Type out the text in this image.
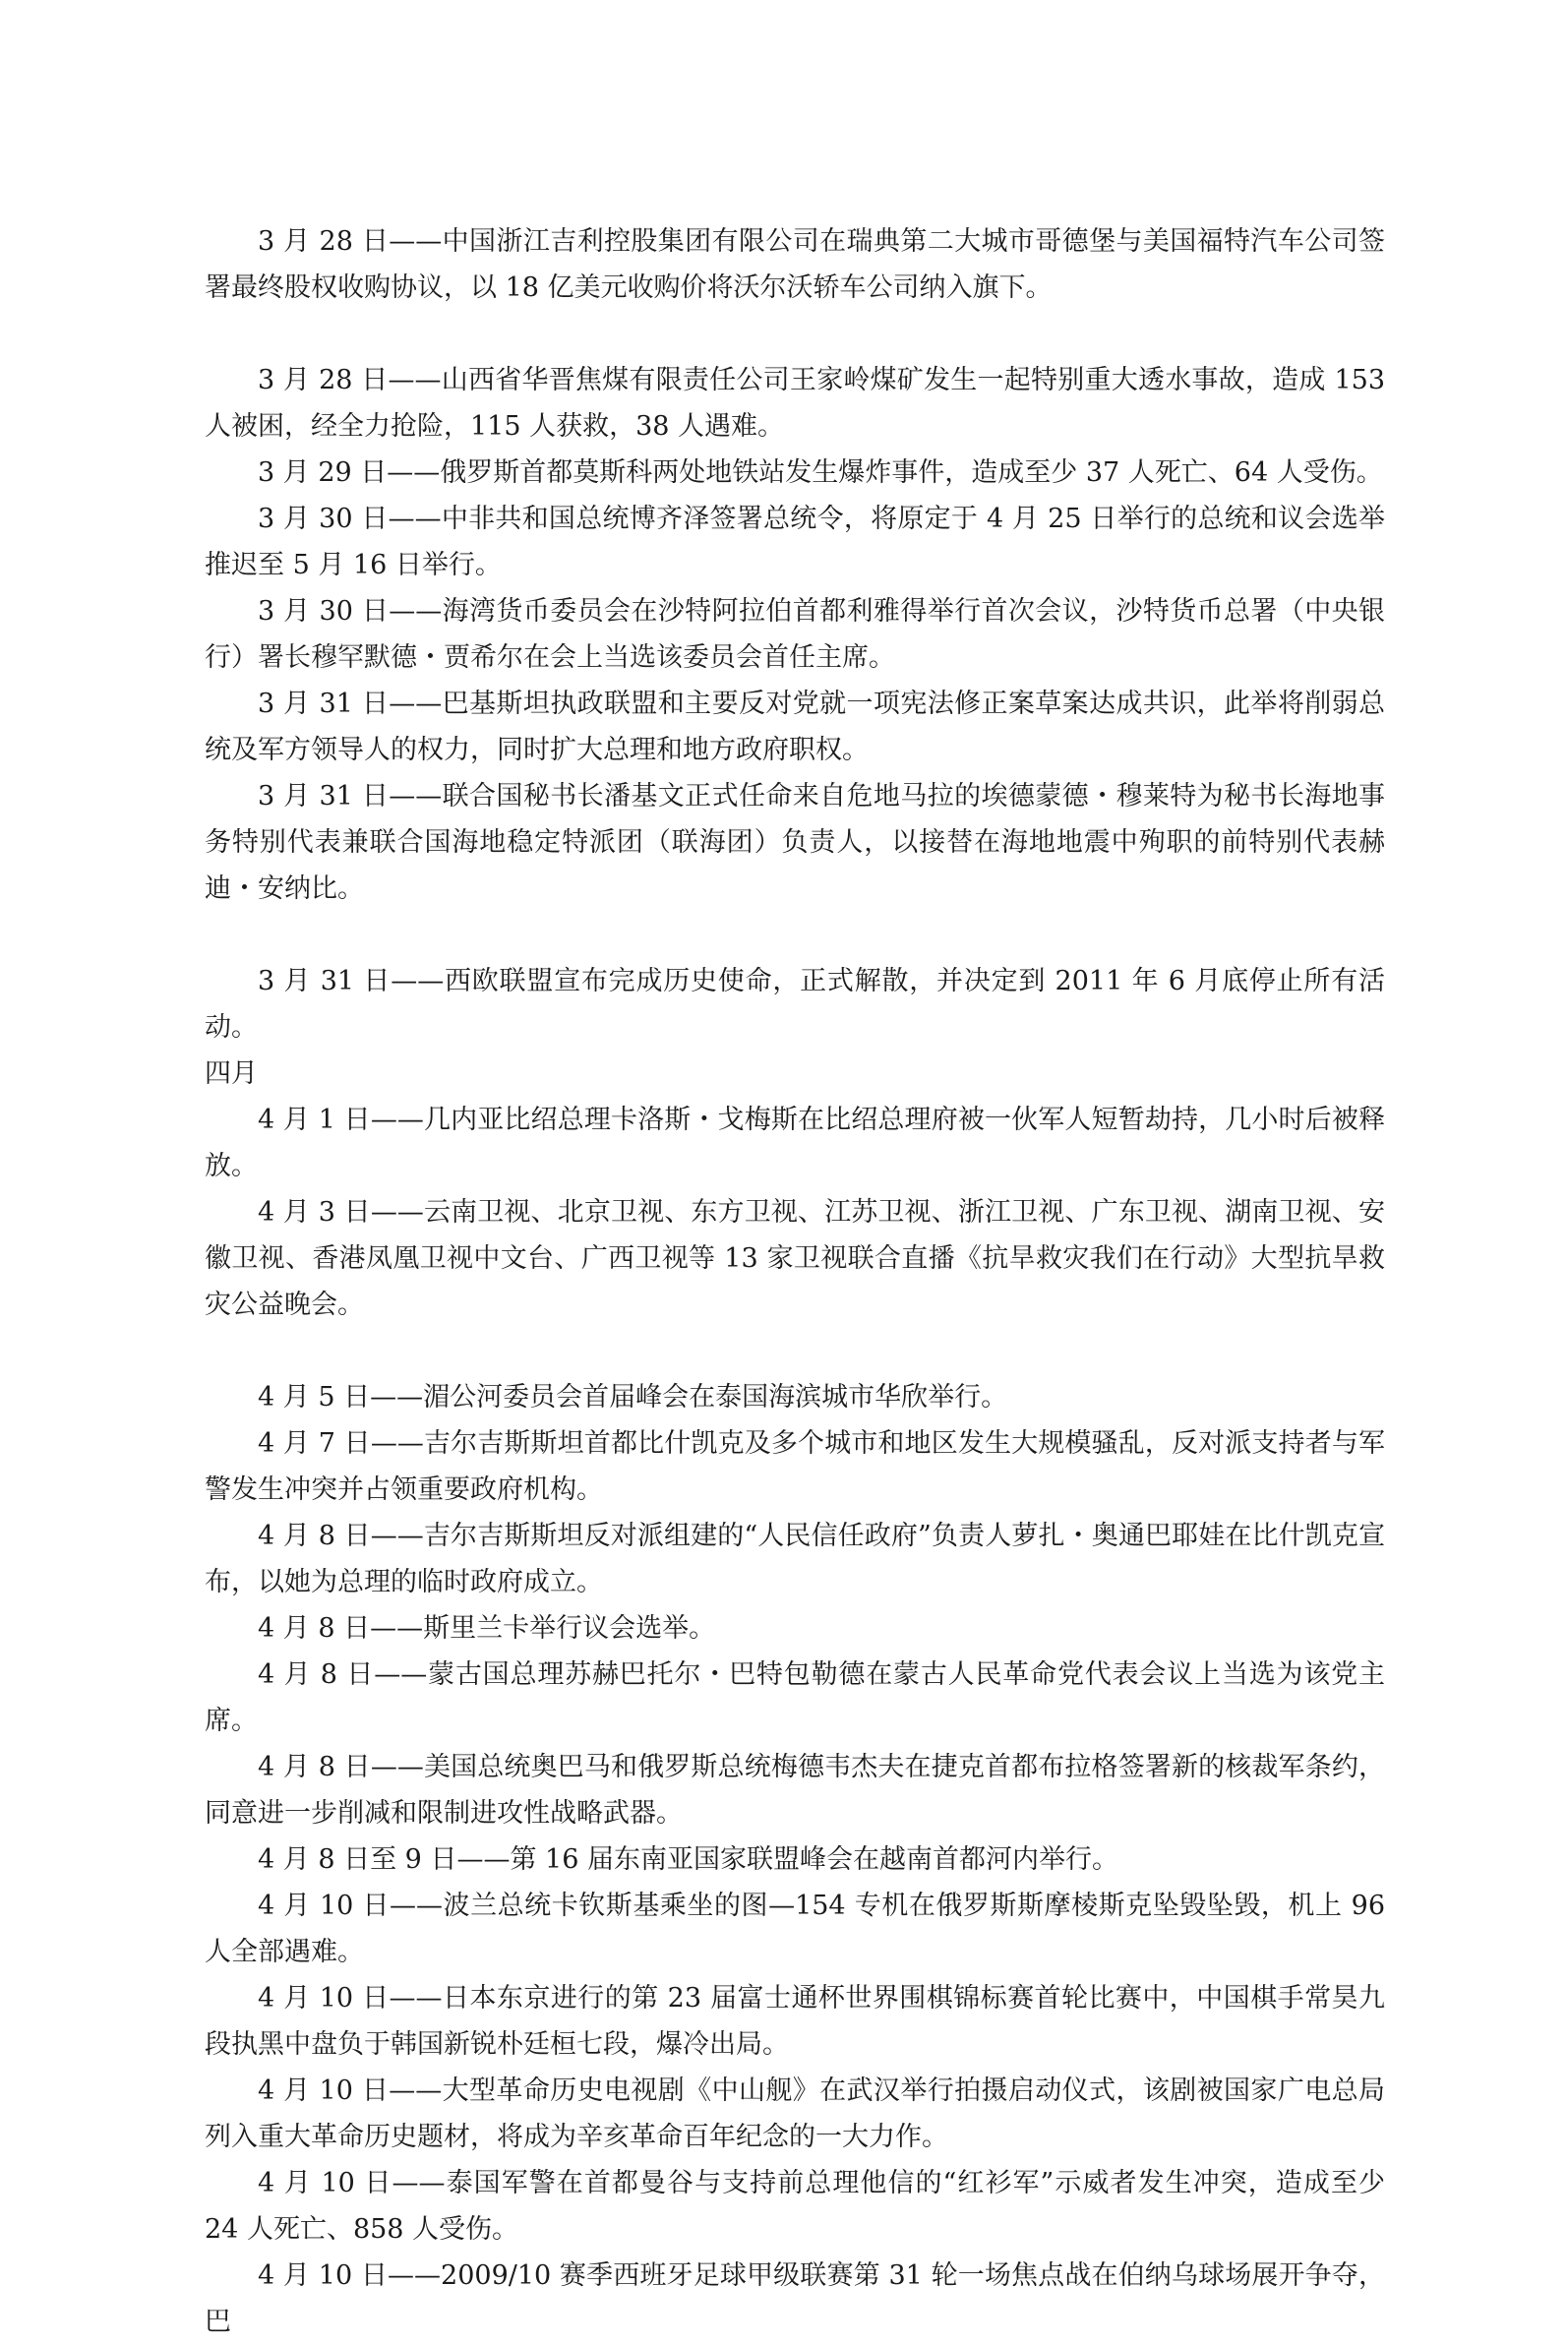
3 月 28 日——中国浙江吉利控股集团有限公司在瑞典第二大城市哥德堡与美国福特汽车公司签署最终股权收购协议，以 18 亿美元收购价将沃尔沃轿车公司纳入旗下。

3 月 28 日——山西省华晋焦煤有限责任公司王家岭煤矿发生一起特别重大透水事故，造成 153 人被困，经全力抢险，115 人获救，38 人遇难。

3 月 29 日——俄罗斯首都莫斯科两处地铁站发生爆炸事件，造成至少 37 人死亡、64 人受伤。

3 月 30 日——中非共和国总统博齐泽签署总统令，将原定于 4 月 25 日举行的总统和议会选举推迟至 5 月 16 日举行。

3 月 30 日——海湾货币委员会在沙特阿拉伯首都利雅得举行首次会议，沙特货币总署（中央银行）署长穆罕默德・贾希尔在会上当选该委员会首任主席。

3 月 31 日——巴基斯坦执政联盟和主要反对党就一项宪法修正案草案达成共识，此举将削弱总统及军方领导人的权力，同时扩大总理和地方政府职权。

3 月 31 日——联合国秘书长潘基文正式任命来自危地马拉的埃德蒙德・穆莱特为秘书长海地事务特别代表兼联合国海地稳定特派团（联海团）负责人，以接替在海地地震中殉职的前特别代表赫迪・安纳比。

3 月 31 日——西欧联盟宣布完成历史使命，正式解散，并决定到 2011 年 6 月底停止所有活动。

四月

4 月 1 日——几内亚比绍总理卡洛斯・戈梅斯在比绍总理府被一伙军人短暂劫持，几小时后被释放。

4 月 3 日——云南卫视、北京卫视、东方卫视、江苏卫视、浙江卫视、广东卫视、湖南卫视、安徽卫视、香港凤凰卫视中文台、广西卫视等 13 家卫视联合直播《抗旱救灾我们在行动》大型抗旱救灾公益晚会。

4 月 5 日——湄公河委员会首届峰会在泰国海滨城市华欣举行。

4 月 7 日——吉尔吉斯斯坦首都比什凯克及多个城市和地区发生大规模骚乱，反对派支持者与军警发生冲突并占领重要政府机构。

4 月 8 日——吉尔吉斯斯坦反对派组建的“人民信任政府”负责人萝扎・奥通巴耶娃在比什凯克宣布，以她为总理的临时政府成立。

4 月 8 日——斯里兰卡举行议会选举。

4 月 8 日——蒙古国总理苏赫巴托尔・巴特包勒德在蒙古人民革命党代表会议上当选为该党主席。

4 月 8 日——美国总统奥巴马和俄罗斯总统梅德韦杰夫在捷克首都布拉格签署新的核裁军条约，同意进一步削减和限制进攻性战略武器。

4 月 8 日至 9 日——第 16 届东南亚国家联盟峰会在越南首都河内举行。

4 月 10 日——波兰总统卡钦斯基乘坐的图—154 专机在俄罗斯斯摩棱斯克坠毁坠毁，机上 96 人全部遇难。

4 月 10 日——日本东京进行的第 23 届富士通杯世界围棋锦标赛首轮比赛中，中国棋手常昊九段执黑中盘负于韩国新锐朴廷桓七段，爆冷出局。

4 月 10 日——大型革命历史电视剧《中山舰》在武汉举行拍摄启动仪式，该剧被国家广电总局列入重大革命历史题材，将成为辛亥革命百年纪念的一大力作。

4 月 10 日——泰国军警在首都曼谷与支持前总理他信的“红衫军”示威者发生冲突，造成至少 24 人死亡、858 人受伤。

4 月 10 日——2009/10 赛季西班牙足球甲级联赛第 31 轮一场焦点战在伯纳乌球场展开争夺，巴
